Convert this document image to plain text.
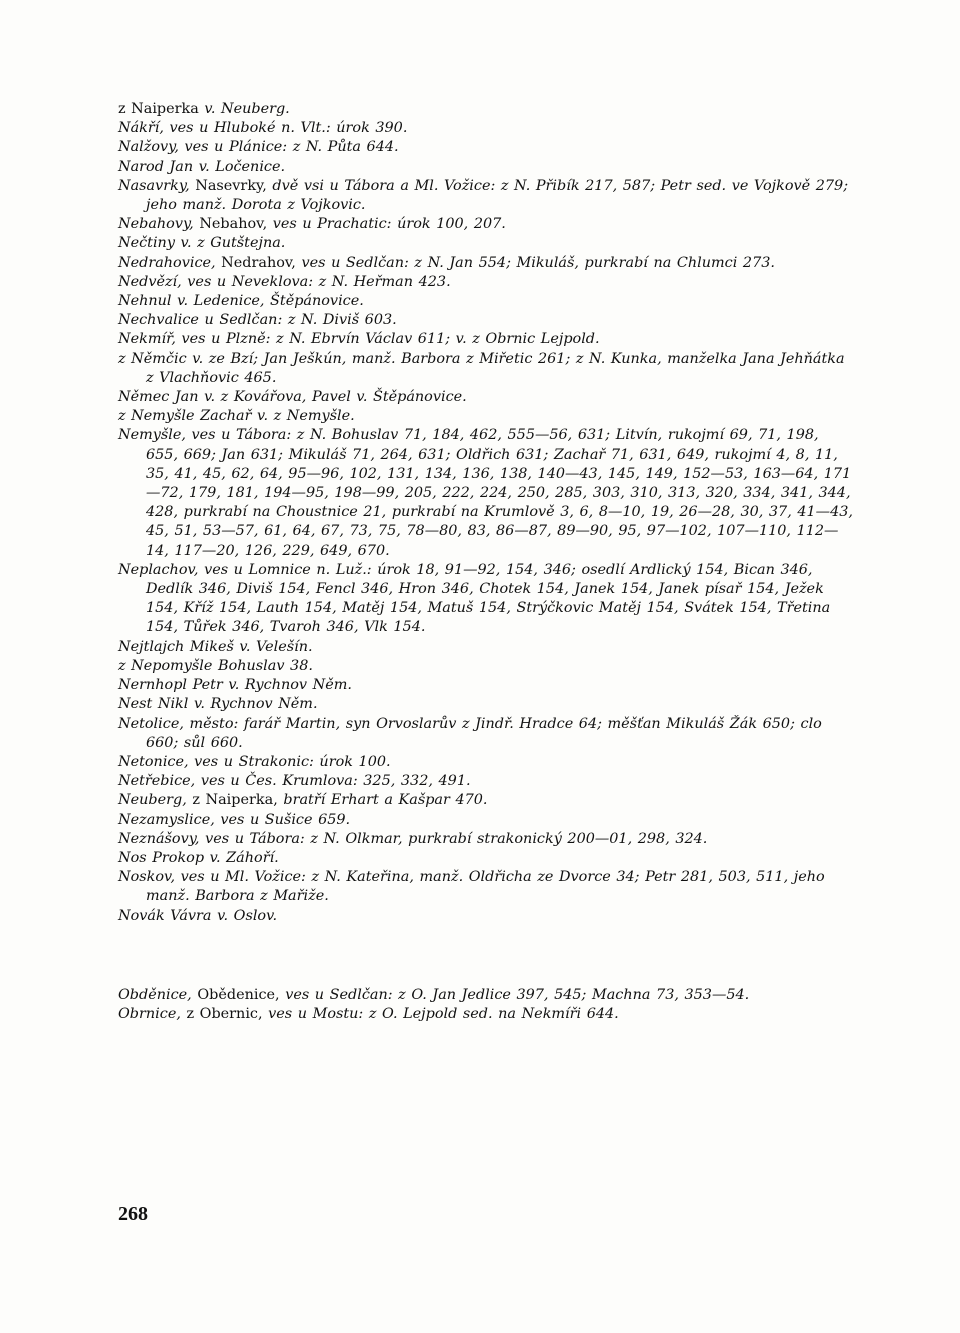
z Naiperka v. Neuberg.
Nákří, ves u Hluboké n. Vlt.: úrok 390.
Nalžovy, ves u Plánice: z N. Půta 644.
Narod Jan v. Ločenice.
Nasavrky, Nasevrky, dvě vsi u Tábora a Ml. Vožice: z N. Přibík 217, 587; Petr sed. ve Vojkově 279; jeho manž. Dorota z Vojkovic.
Nebahovy, Nebahov, ves u Prachatic: úrok 100, 207.
Nečtiny v. z Gutštejna.
Nedrahovice, Nedrahov, ves u Sedlčan: z N. Jan 554; Mikuláš, purkrabí na Chlumci 273.
Nedvězí, ves u Neveklova: z N. Heřman 423.
Nehnul v. Ledenice, Štěpánovice.
Nechvalice u Sedlčan: z N. Diviš 603.
Nekmíř, ves u Plzně: z N. Ebrvín Václav 611; v. z Obrnic Lejpold.
z Němčic v. ze Bzí; Jan Ješkún, manž. Barbora z Miřetic 261; z N. Kunka, manželka Jana Jehňátka z Vlachňovic 465.
Němec Jan v. z Kovářova, Pavel v. Štěpánovice.
z Nemyšle Zachař v. z Nemyšle.
Nemyšle, ves u Tábora: z N. Bohuslav 71, 184, 462, 555—56, 631; Litvín, rukojmí 69, 71, 198, 655, 669; Jan 631; Mikuláš 71, 264, 631; Oldřich 631; Zachař 71, 631, 649, rukojmí 4, 8, 11, 35, 41, 45, 62, 64, 95—96, 102, 131, 134, 136, 138, 140—43, 145, 149, 152—53, 163—64, 171—72, 179, 181, 194—95, 198—99, 205, 222, 224, 250, 285, 303, 310, 313, 320, 334, 341, 344, 428, purkrabí na Choustnice 21, purkrabí na Krumlově 3, 6, 8—10, 19, 26—28, 30, 37, 41—43, 45, 51, 53—57, 61, 64, 67, 73, 75, 78—80, 83, 86—87, 89—90, 95, 97—102, 107—110, 112—14, 117—20, 126, 229, 649, 670.
Neplachov, ves u Lomnice n. Luž.: úrok 18, 91—92, 154, 346; osedlí Ardlický 154, Bican 346, Dedlík 346, Diviš 154, Fencl 346, Hron 346, Chotek 154, Janek 154, Janek písař 154, Ježek 154, Kříž 154, Lauth 154, Matěj 154, Matuš 154, Strýčkovic Matěj 154, Svátek 154, Třetina 154, Tůřek 346, Tvaroh 346, Vlk 154.
Nejtlajch Mikeš v. Velešín.
z Nepomyšle Bohuslav 38.
Nernhopl Petr v. Rychnov Něm.
Nest Nikl v. Rychnov Něm.
Netolice, město: farář Martin, syn Orvoslarův z Jindř. Hradce 64; měšťan Mikuláš Žák 650; clo 660; sůl 660.
Netonice, ves u Strakonic: úrok 100.
Netřebice, ves u Čes. Krumlova: 325, 332, 491.
Neuberg, z Naiperka, bratří Erhart a Kašpar 470.
Nezamyslice, ves u Sušice 659.
Neznášovy, ves u Tábora: z N. Olkmar, purkrabí strakonický 200—01, 298, 324.
Nos Prokop v. Záhoří.
Noskov, ves u Ml. Vožice: z N. Kateřina, manž. Oldřicha ze Dvorce 34; Petr 281, 503, 511, jeho manž. Barbora z Mařiže.
Novák Vávra v. Oslov.
Obděnice, Obědenice, ves u Sedlčan: z O. Jan Jedlice 397, 545; Machna 73, 353—54.
Obrnice, z Obernic, ves u Mostu: z O. Lejpold sed. na Nekmíři 644.
268
